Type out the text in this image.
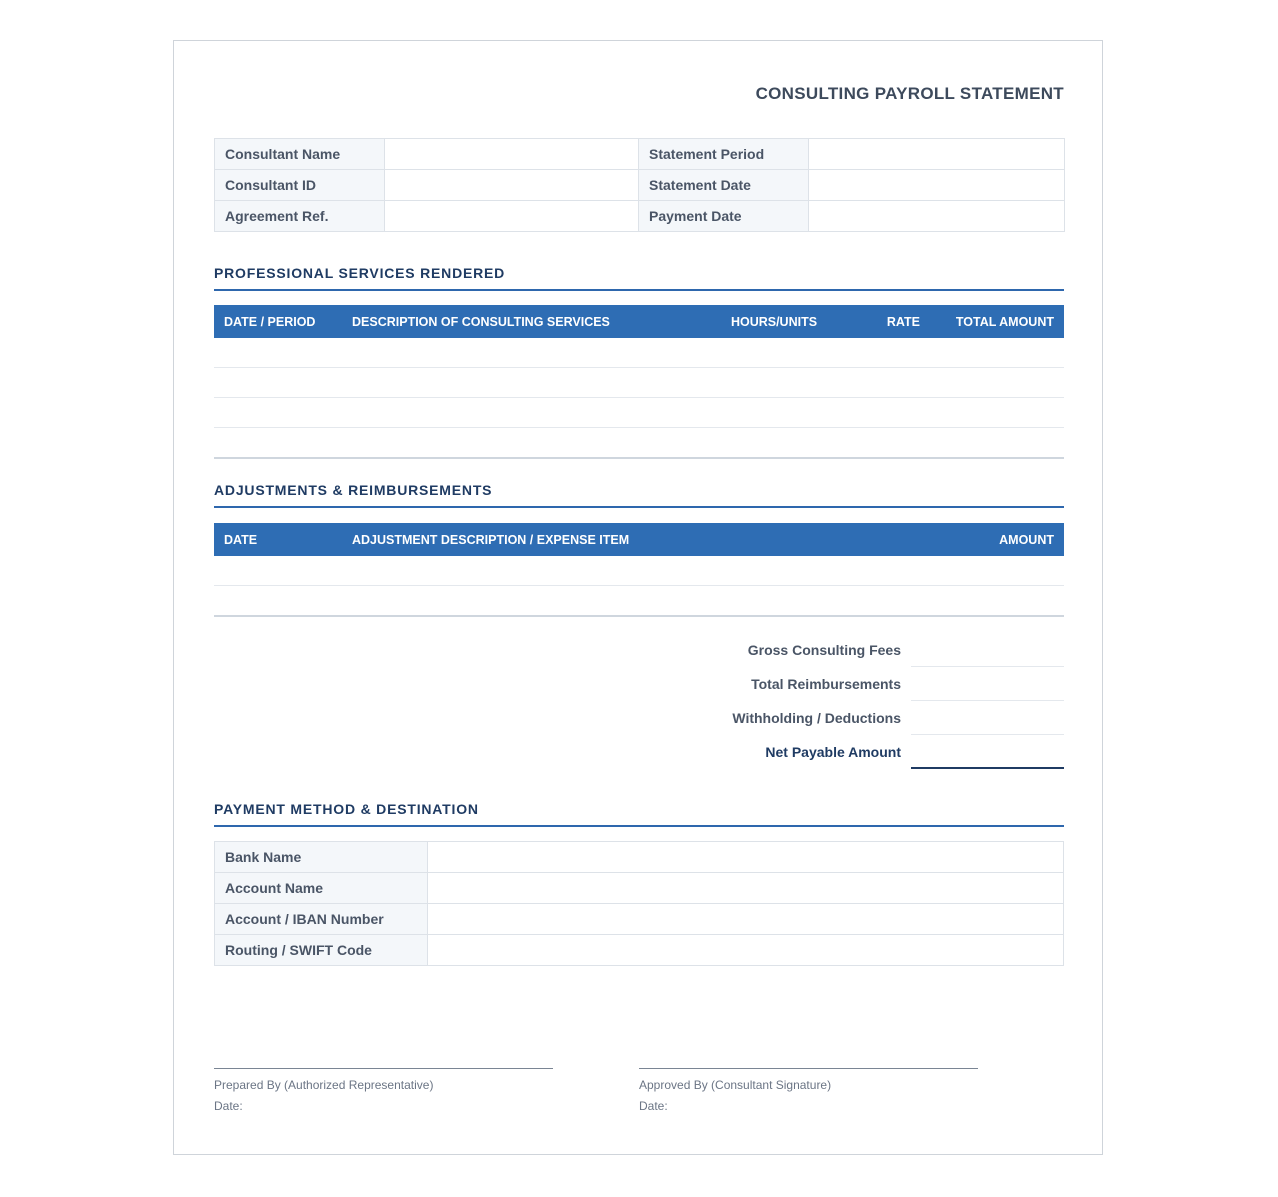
CONSULTING PAYROLL STATEMENT
Consultant Name		Statement Period	
Consultant ID		Statement Date	
Agreement Ref.		Payment Date	
PROFESSIONAL SERVICES RENDERED
DATE / PERIOD	DESCRIPTION OF CONSULTING SERVICES	HOURS/UNITS	RATE	TOTAL AMOUNT

ADJUSTMENTS & REIMBURSEMENTS
DATE	ADJUSTMENT DESCRIPTION / EXPENSE ITEM	AMOUNT

Gross Consulting Fees
Total Reimbursements
Withholding / Deductions
Net Payable Amount
PAYMENT METHOD & DESTINATION
Bank Name	
Account Name	
Account / IBAN Number	
Routing / SWIFT Code	
Prepared By (Authorized Representative)
Date:
Approved By (Consultant Signature)
Date:
